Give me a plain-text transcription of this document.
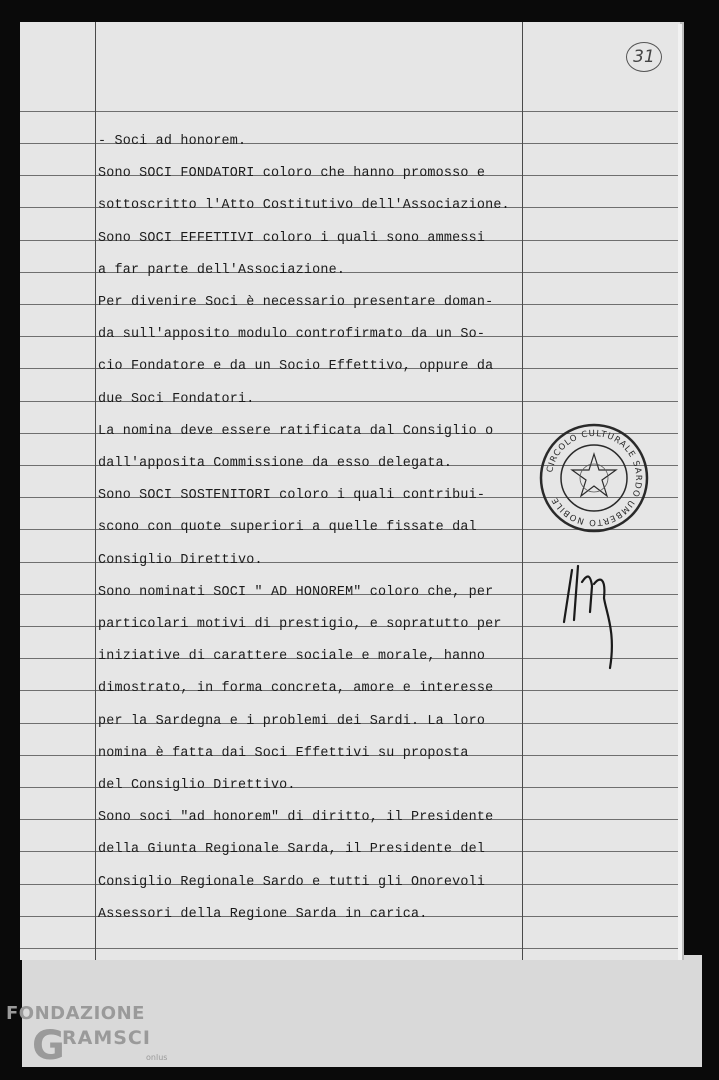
31
- Soci ad honorem.
Sono SOCI FONDATORI coloro che hanno promosso e
sottoscritto l'Atto Costitutivo dell'Associazione.
Sono SOCI EFFETTIVI coloro i quali sono ammessi
a far parte dell'Associazione.
Per divenire Soci è necessario presentare doman-
da sull'apposito modulo controfirmato da un So-
cio Fondatore e da un Socio Effettivo, oppure da
due Soci Fondatori.
La nomina deve essere ratificata dal Consiglio o
dall'apposita Commissione da esso delegata.
Sono SOCI SOSTENITORI coloro i quali contribui-
scono con quote superiori a quelle fissate dal
Consiglio Direttivo.
Sono nominati SOCI " AD HONOREM" coloro che, per
particolari motivi di prestigio, e sopratutto per
iniziative di carattere sociale e morale, hanno
dimostrato, in forma concreta, amore e interesse
per la Sardegna e i problemi dei Sardi. La loro
nomina è fatta dai Soci Effettivi su proposta
del Consiglio Direttivo.
Sono soci "ad honorem" di diritto, il Presidente
della Giunta Regionale Sarda, il Presidente del
Consiglio Regionale Sardo e tutti gli Onorevoli
Assessori della Regione Sarda in carica.
CIRCOLO CULTURALE SARDO UMBERTO NOBILE
FONDAZIONE
G
RAMSCI
onlus
